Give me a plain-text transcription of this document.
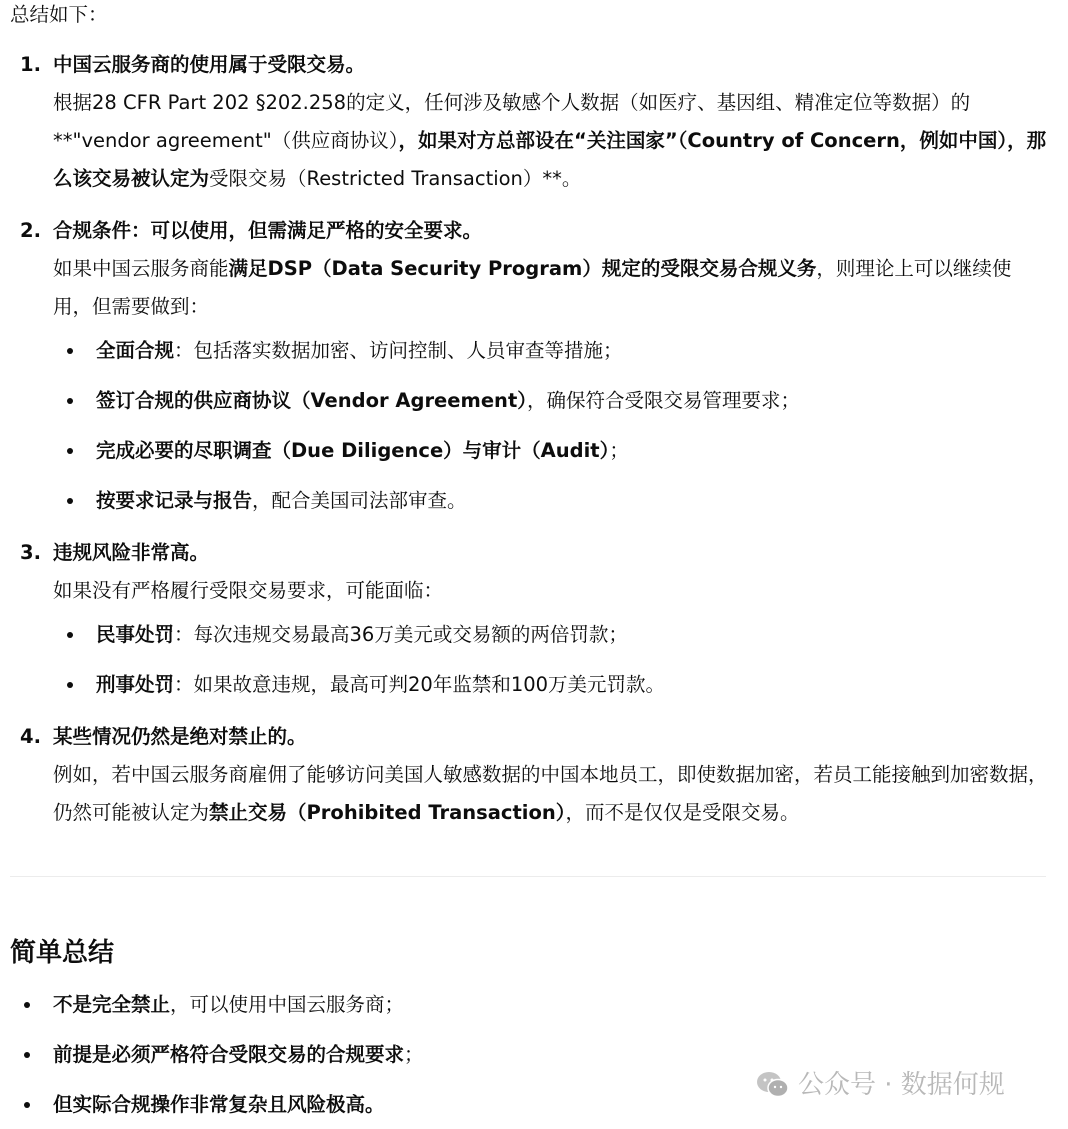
总结如下：
1. 中国云服务商的使用属于受限交易。
根据28 CFR Part 202 §202.258的定义，任何涉及敏感个人数据（如医疗、基因组、精准定位等数据）的**"vendor agreement"（供应商协议），如果对方总部设在“关注国家”（Country of Concern，例如中国），那么该交易被认定为受限交易（Restricted Transaction）**。
2. 合规条件：可以使用，但需满足严格的安全要求。
如果中国云服务商能满足DSP（Data Security Program）规定的受限交易合规义务，则理论上可以继续使用，但需要做到：
全面合规：包括落实数据加密、访问控制、人员审查等措施；
签订合规的供应商协议（Vendor Agreement），确保符合受限交易管理要求；
完成必要的尽职调查（Due Diligence）与审计（Audit）；
按要求记录与报告，配合美国司法部审查。
3. 违规风险非常高。
如果没有严格履行受限交易要求，可能面临：
民事处罚：每次违规交易最高36万美元或交易额的两倍罚款；
刑事处罚：如果故意违规，最高可判20年监禁和100万美元罚款。
4. 某些情况仍然是绝对禁止的。
例如，若中国云服务商雇佣了能够访问美国人敏感数据的中国本地员工，即使数据加密，若员工能接触到加密数据，仍然可能被认定为禁止交易（Prohibited Transaction），而不是仅仅是受限交易。
简单总结
不是完全禁止，可以使用中国云服务商；
前提是必须严格符合受限交易的合规要求；
但实际合规操作非常复杂且风险极高。
公众号 · 数据何规
